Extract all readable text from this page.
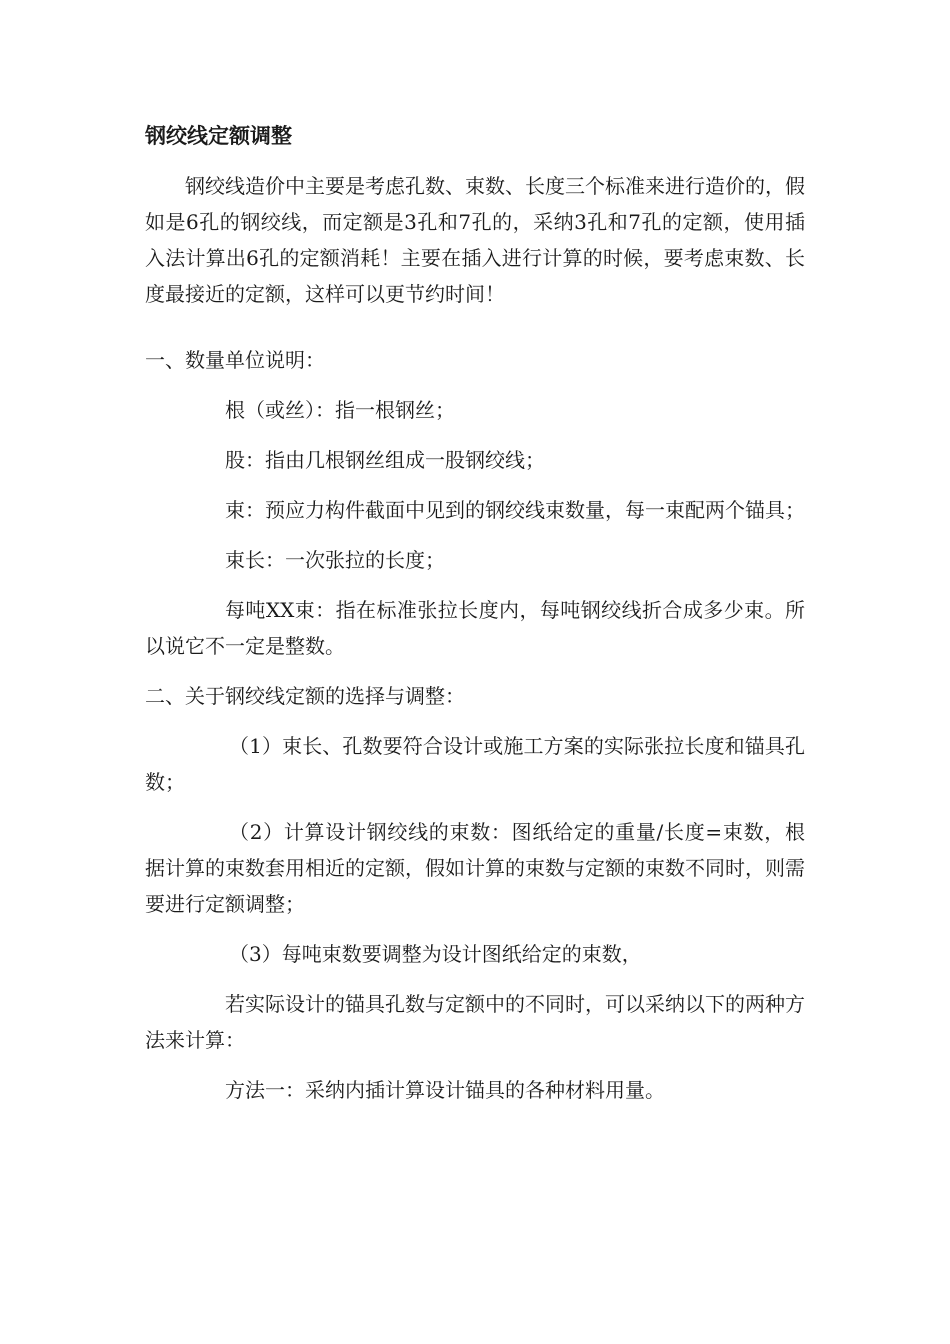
钢绞线定额调整

钢绞线造价中主要是考虑孔数、束数、长度三个标准来进行造价的，假如是6孔的钢绞线，而定额是3孔和7孔的，采纳3孔和7孔的定额，使用插入法计算出6孔的定额消耗！主要在插入进行计算的时候，要考虑束数、长度最接近的定额，这样可以更节约时间！

一、数量单位说明：

根（或丝）：指一根钢丝；

股：指由几根钢丝组成一股钢绞线；

束：预应力构件截面中见到的钢绞线束数量，每一束配两个锚具；

束长：一次张拉的长度；

每吨XX束：指在标准张拉长度内，每吨钢绞线折合成多少束。所以说它不一定是整数。

二、关于钢绞线定额的选择与调整：

（1）束长、孔数要符合设计或施工方案的实际张拉长度和锚具孔数；

（2）计算设计钢绞线的束数：图纸给定的重量/长度=束数，根据计算的束数套用相近的定额，假如计算的束数与定额的束数不同时，则需要进行定额调整；

（3）每吨束数要调整为设计图纸给定的束数，

若实际设计的锚具孔数与定额中的不同时，可以采纳以下的两种方法来计算：

方法一：采纳内插计算设计锚具的各种材料用量。
